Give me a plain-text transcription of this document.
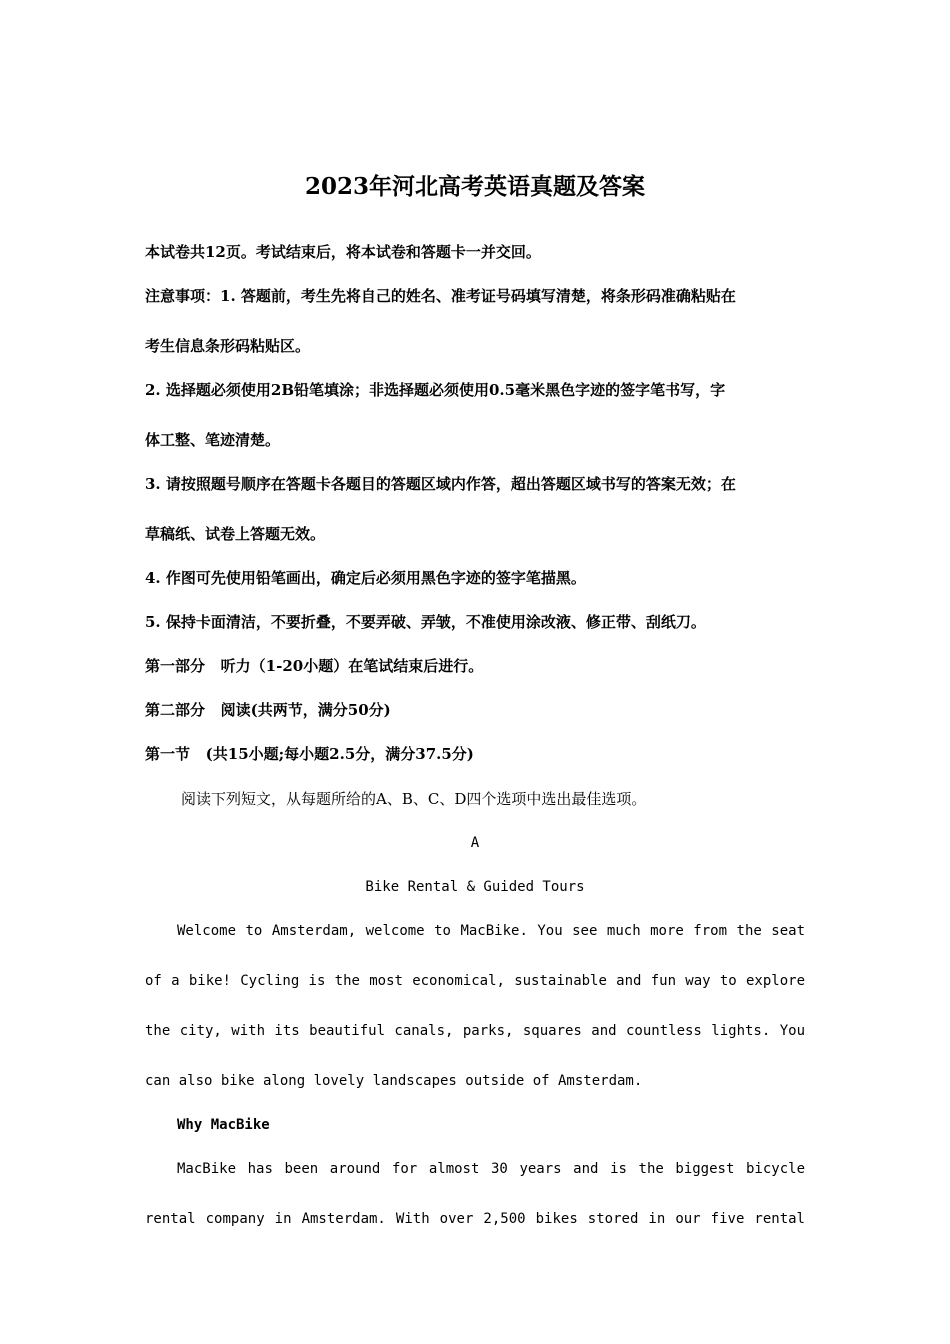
2023年河北高考英语真题及答案
本试卷共12页。考试结束后，将本试卷和答题卡一并交回。
注意事项：1. 答题前，考生先将自己的姓名、准考证号码填写清楚，将条形码准确粘贴在
考生信息条形码粘贴区。
2. 选择题必须使用2B铅笔填涂；非选择题必须使用0.5毫米黑色字迹的签字笔书写，字
体工整、笔迹清楚。
3. 请按照题号顺序在答题卡各题目的答题区域内作答，超出答题区域书写的答案无效；在
草稿纸、试卷上答题无效。
4. 作图可先使用铅笔画出，确定后必须用黑色字迹的签字笔描黑。
5. 保持卡面清洁，不要折叠，不要弄破、弄皱，不准使用涂改液、修正带、刮纸刀。
第一部分   听力（1-20小题）在笔试结束后进行。
第二部分   阅读(共两节，满分50分)
第一节   (共15小题;每小题2.5分，满分37.5分)
阅读下列短文，从每题所给的A、B、C、D四个选项中选出最佳选项。
A
Bike Rental & Guided Tours
Welcome to Amsterdam, welcome to MacBike. You see much more from the seat
of a bike! Cycling is the most economical, sustainable and fun way to explore
the city, with its beautiful canals, parks, squares and countless lights. You
can also bike along lovely landscapes outside of Amsterdam.
Why MacBike
MacBike has been around for almost 30 years and is the biggest bicycle
rental company in Amsterdam. With over 2,500 bikes stored in our five rental
